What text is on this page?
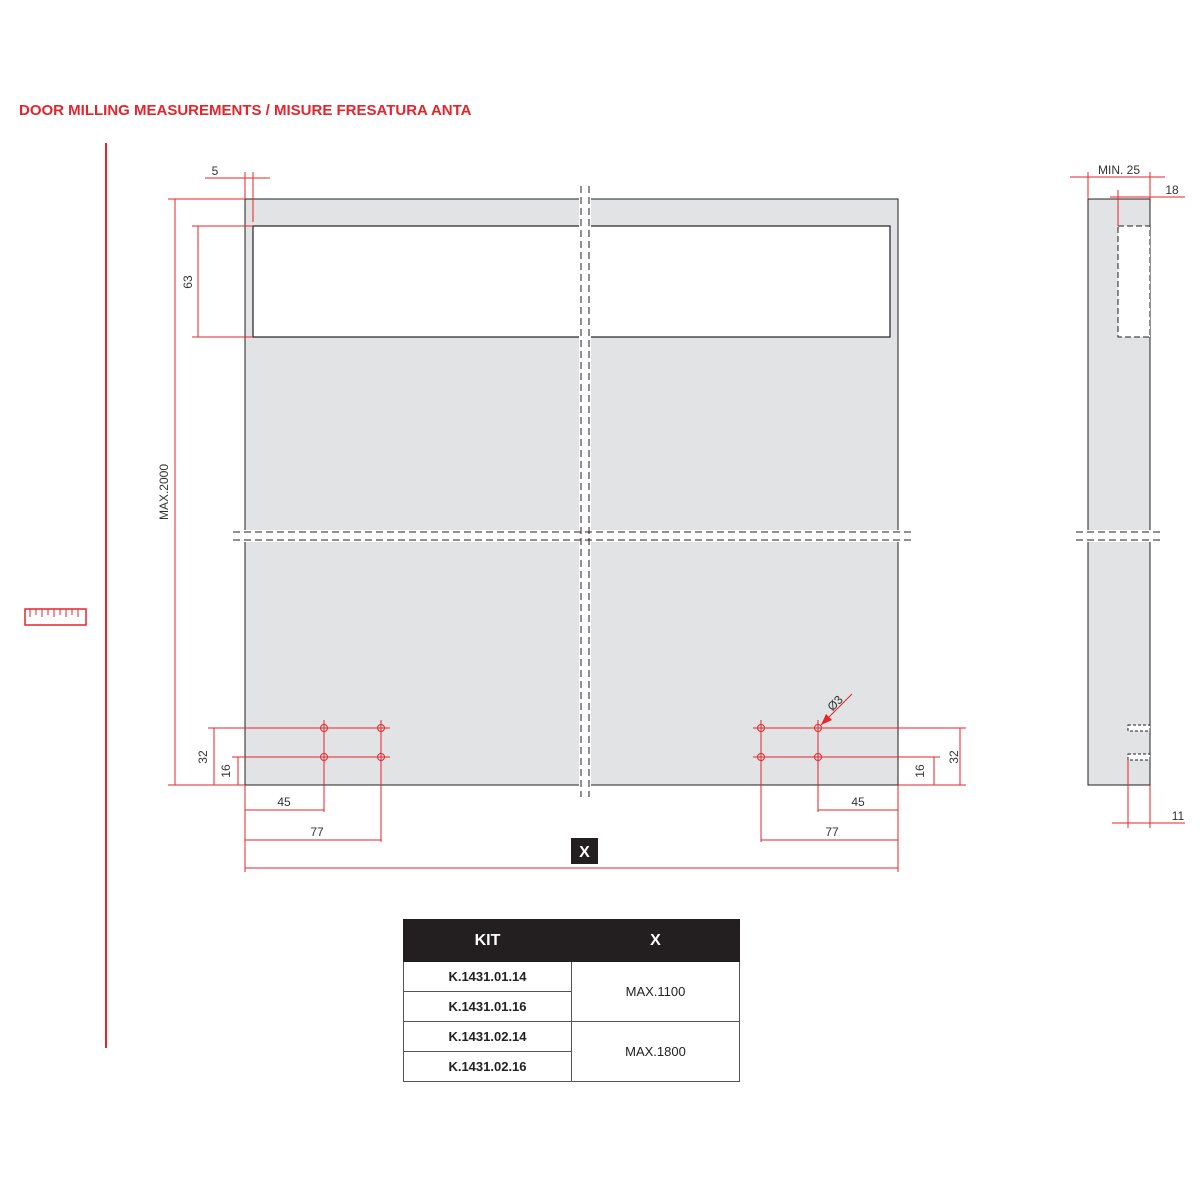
DOOR MILLING MEASUREMENTS / MISURE FRESATURA ANTA
5
MAX.2000
63
32
16
45
77
Ø3
32
16
45
77
X
MIN. 25
18
11
KIT	X
K.1431.01.14	MAX.1100
K.1431.01.16	
K.1431.02.14	MAX.1800
K.1431.02.16	
